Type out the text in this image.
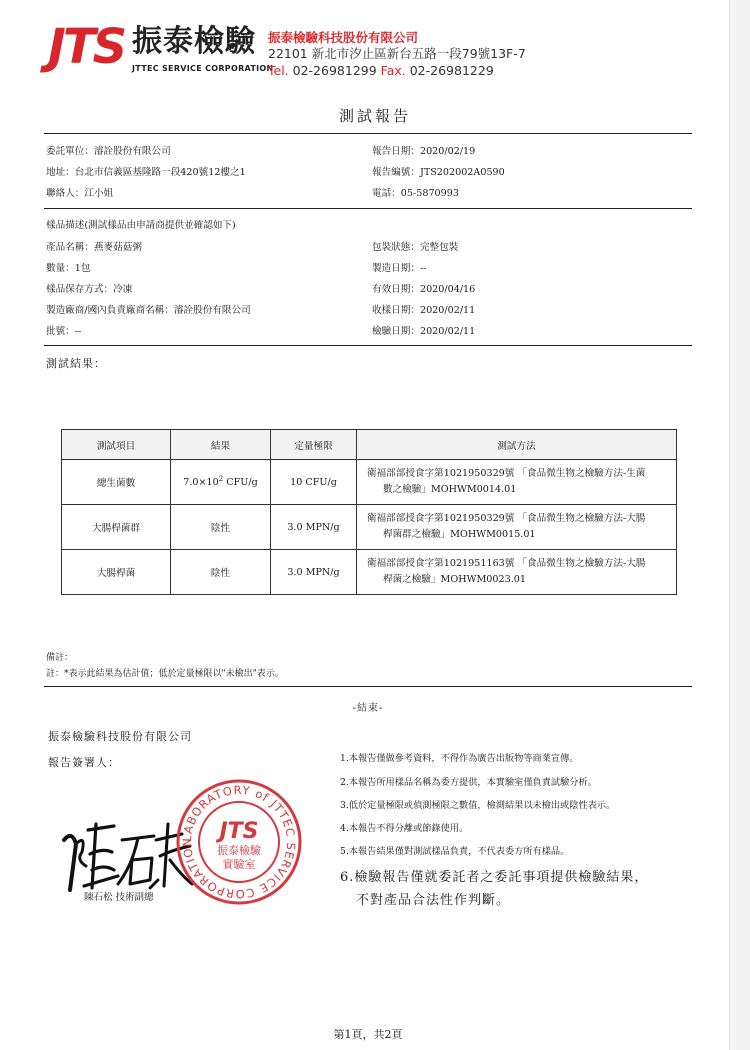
JTS 振泰檢驗
JTTEC SERVICE CORPORATION
振泰檢驗科技股份有限公司
22101 新北市汐止區新台五路一段79號13F-7
Tel. 02-26981299 Fax. 02-26981229
測試報告
委託單位：濬詮股份有限公司	報告日期：2020/02/19
地址：台北市信義區基隆路一段420號12樓之1	報告編號：JTS202002A0590
聯絡人：江小姐	電話：05-5870993
樣品描述(測試樣品由申請商提供並確認如下)
產品名稱：燕麥菇菇粥	包裝狀態：完整包裝
數量：1包	製造日期：--
樣品保存方式：冷凍	有效日期：2020/04/16
製造廠商/國內負責廠商名稱：濬詮股份有限公司	收樣日期：2020/02/11
批號：--	檢驗日期：2020/02/11
測試結果：
測試項目	結果	定量極限	測試方法
總生菌數	$7.0\times 10^2$ CFU/g	10 CFU/g	衛福部部授食字第1021950329號 「食品微生物之檢驗方法-生菌
數之檢驗」MOHWM0014.01

大腸桿菌群	陰性	3.0 MPN/g	衛福部部授食字第1021950329號 「食品微生物之檢驗方法-大腸
桿菌群之檢驗」MOHWM0015.01

大腸桿菌	陰性	3.0 MPN/g	衛福部部授食字第1021951163號 「食品微生物之檢驗方法-大腸
桿菌之檢驗」MOHWM0023.01
備註：
註：*表示此結果為估計值；低於定量極限以"未檢出"表示。
-結束-
振泰檢驗科技股份有限公司
報告簽署人：
LABORATORY of JTTEC SERVICE CORPORATION	JTS
振泰檢驗
實驗室
陳石松 技術副總
1.本報告僅做參考資料，不得作為廣告出版物等商業宣傳。
2.本報告所用樣品名稱為委方提供，本實驗室僅負責試驗分析。
3.低於定量極限或偵測極限之數值，檢測結果以未檢出或陰性表示。
4.本報告不得分離或節錄使用。
5.本報告結果僅對測試樣品負責，不代表委方所有樣品。
6.檢驗報告僅就委託者之委託事項提供檢驗結果，
不對產品合法性作判斷。
第1頁，共2頁
